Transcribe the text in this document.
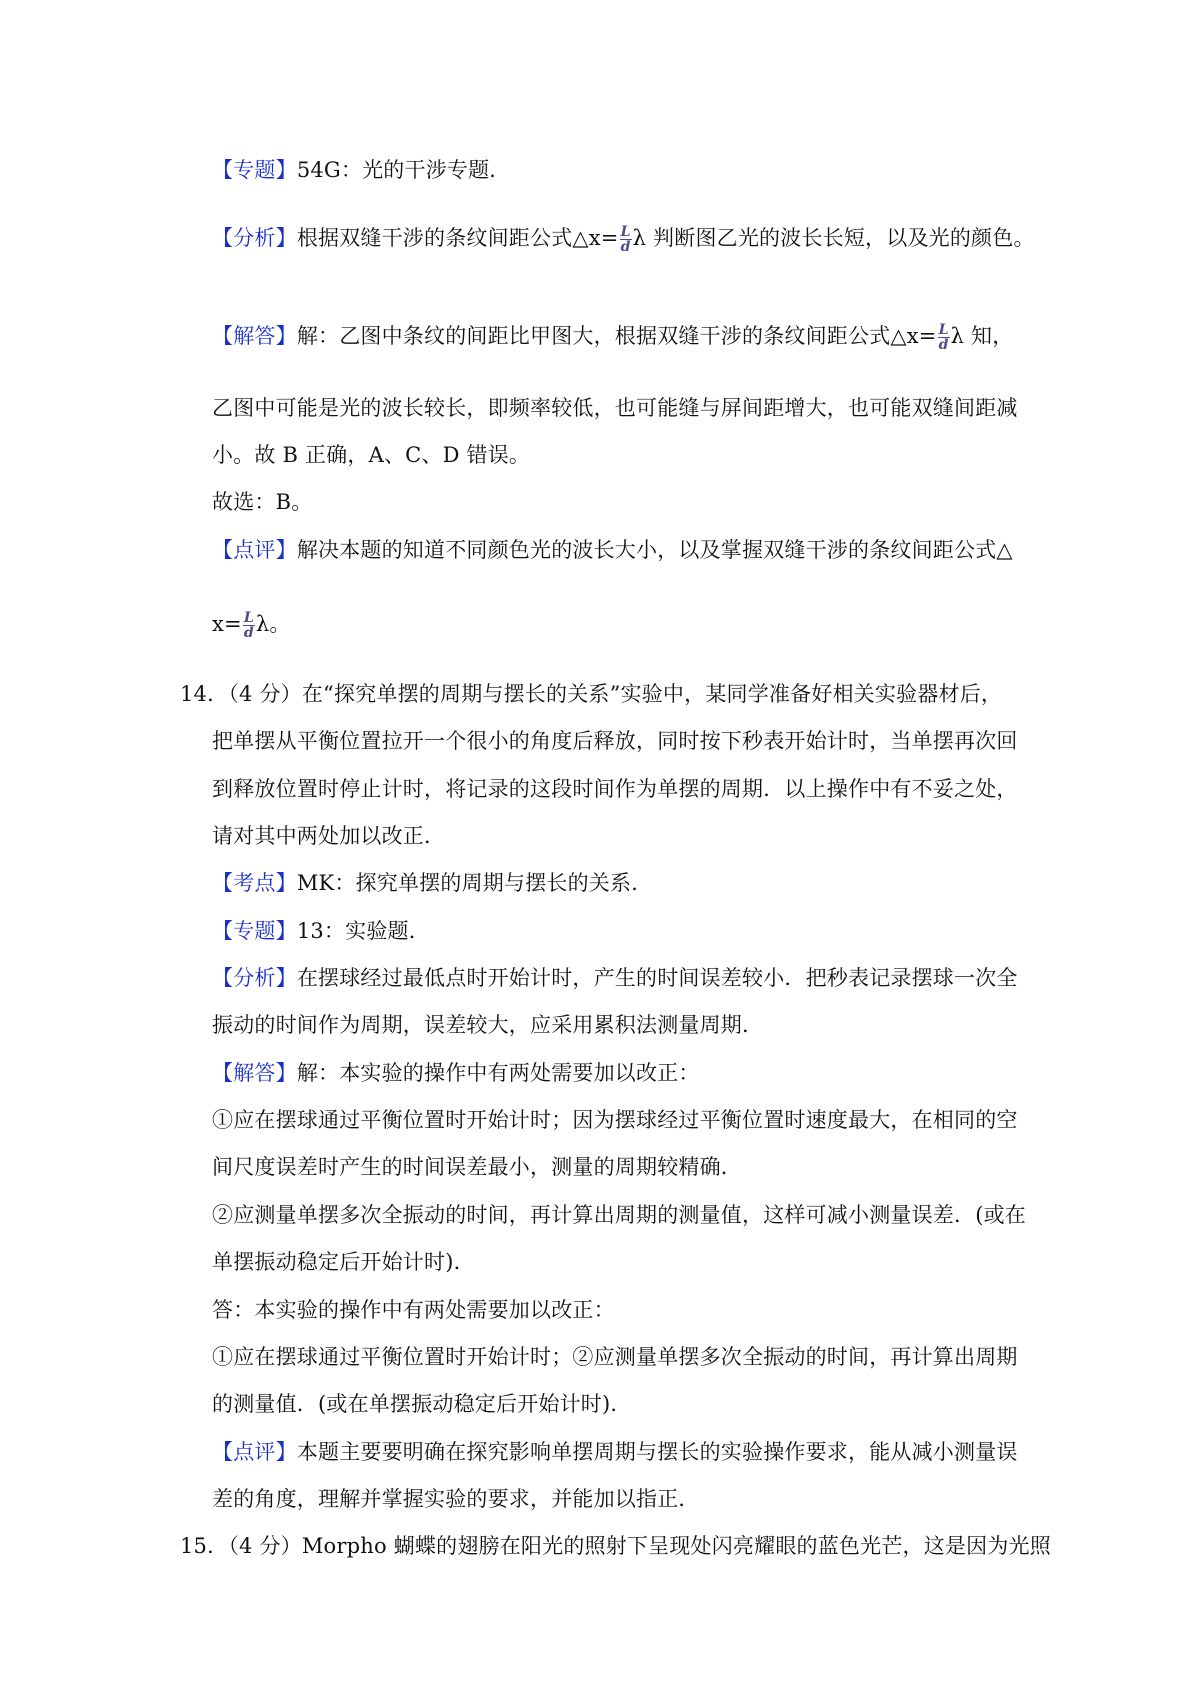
【专题】54G：光的干涉专题．
【分析】根据双缝干涉的条纹间距公式△x= $\frac{L}{d}$ λ 判断图乙光的波长长短，以及光的颜色。
【解答】解：乙图中条纹的间距比甲图大，根据双缝干涉的条纹间距公式△x= $\frac{L}{d}$ λ 知，
乙图中可能是光的波长较长，即频率较低，也可能缝与屏间距增大，也可能双缝间距减
小。故 B 正确，A、C、D 错误。
故选：B。
【点评】解决本题的知道不同颜色光的波长大小，以及掌握双缝干涉的条纹间距公式△
$x= \frac{L}{d}$ λ。
14．（4 分）在“探究单摆的周期与摆长的关系”实验中，某同学准备好相关实验器材后，
把单摆从平衡位置拉开一个很小的角度后释放，同时按下秒表开始计时，当单摆再次回
到释放位置时停止计时，将记录的这段时间作为单摆的周期．以上操作中有不妥之处，
请对其中两处加以改正．
【考点】MK：探究单摆的周期与摆长的关系．
【专题】13：实验题．
【分析】在摆球经过最低点时开始计时，产生的时间误差较小．把秒表记录摆球一次全
振动的时间作为周期，误差较大，应采用累积法测量周期．
【解答】解：本实验的操作中有两处需要加以改正：
①应在摆球通过平衡位置时开始计时；因为摆球经过平衡位置时速度最大，在相同的空
间尺度误差时产生的时间误差最小，测量的周期较精确．
②应测量单摆多次全振动的时间，再计算出周期的测量值，这样可减小测量误差．(或在
单摆振动稳定后开始计时)．
答：本实验的操作中有两处需要加以改正：
①应在摆球通过平衡位置时开始计时；②应测量单摆多次全振动的时间，再计算出周期
的测量值．(或在单摆振动稳定后开始计时)．
【点评】本题主要要明确在探究影响单摆周期与摆长的实验操作要求，能从减小测量误
差的角度，理解并掌握实验的要求，并能加以指正．
15．（4 分）Morpho 蝴蝶的翅膀在阳光的照射下呈现处闪亮耀眼的蓝色光芒，这是因为光照
